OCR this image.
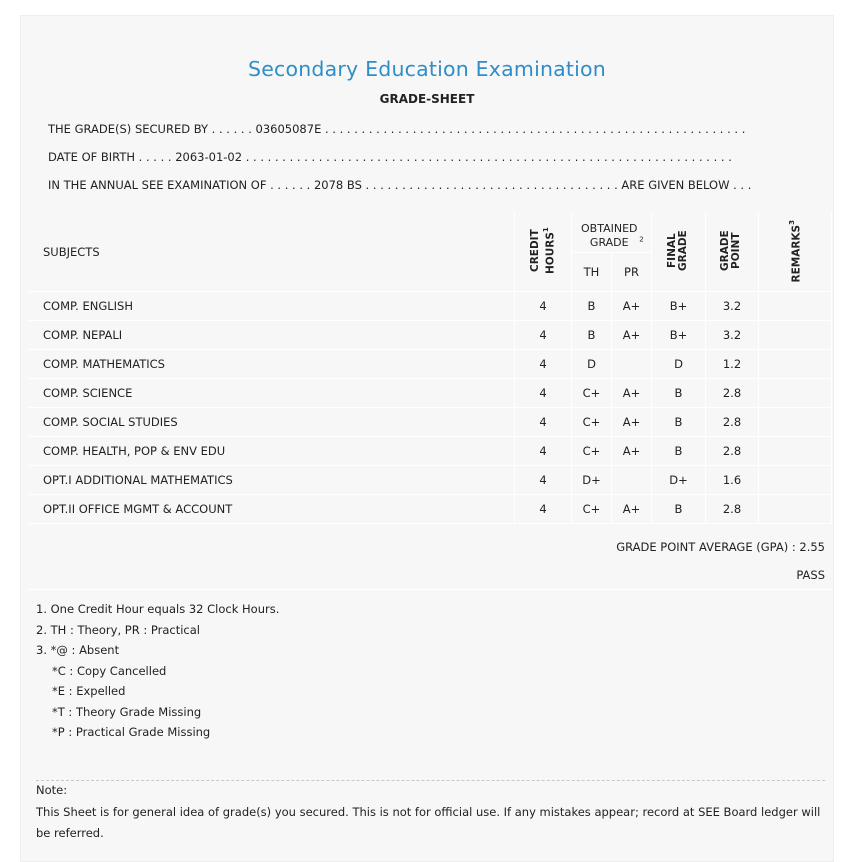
Secondary Education Examination
GRADE-SHEET
THE GRADE(S) SECURED BY . . . . . . 03605087E . . . . . . . . . . . . . . . . . . . . . . . . . . . . . . . . . . . . . . . . . . . . . . . . . . . . . . . . . .
DATE OF BIRTH . . . . . 2063-01-02 . . . . . . . . . . . . . . . . . . . . . . . . . . . . . . . . . . . . . . . . . . . . . . . . . . . . . . . . . . . . . . . . . . .
IN THE ANNUAL SEE EXAMINATION OF . . . . . . 2078 BS . . . . . . . . . . . . . . . . . . . . . . . . . . . . . . . . . . . ARE GIVEN BELOW . . .
SUBJECTS	CREDIT HOURS$^1$	OBTAINED GRADE $^2$		FINAL GRADE	GRADE POINT	REMARKS$^3$
		TH	PR			
COMP. ENGLISH	4	B	A+	B+	3.2	
COMP. NEPALI	4	B	A+	B+	3.2	
COMP. MATHEMATICS	4	D		D	1.2	
COMP. SCIENCE	4	C+	A+	B	2.8	
COMP. SOCIAL STUDIES	4	C+	A+	B	2.8	
COMP. HEALTH, POP & ENV EDU	4	C+	A+	B	2.8	
OPT.I ADDITIONAL MATHEMATICS	4	D+		D+	1.6	
OPT.II OFFICE MGMT & ACCOUNT	4	C+	A+	B	2.8	
GRADE POINT AVERAGE (GPA) : 2.55
PASS
1. One Credit Hour equals 32 Clock Hours.
2. TH : Theory, PR : Practical
3. *@ : Absent
*C : Copy Cancelled
*E : Expelled
*T : Theory Grade Missing
*P : Practical Grade Missing
Note:
This Sheet is for general idea of grade(s) you secured. This is not for official use. If any mistakes appear; record at SEE Board ledger will be referred.
